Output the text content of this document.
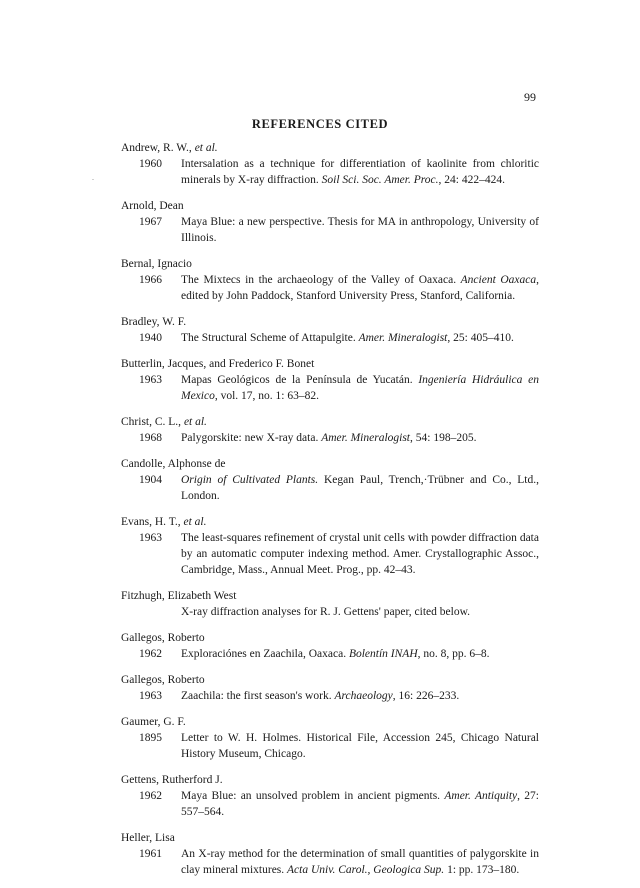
.
99
REFERENCES CITED
Andrew, R. W., et al.
1960	Intersalation as a technique for differentiation of kaolinite from chloritic minerals by X-ray diffraction. Soil Sci. Soc. Amer. Proc., 24: 422–424.
Arnold, Dean
1967	Maya Blue: a new perspective. Thesis for MA in anthropology, University of Illinois.
Bernal, Ignacio
1966	The Mixtecs in the archaeology of the Valley of Oaxaca. Ancient Oaxaca, edited by John Paddock, Stanford University Press, Stanford, California.
Bradley, W. F.
1940	The Structural Scheme of Attapulgite. Amer. Mineralogist, 25: 405–410.
Butterlin, Jacques, and Frederico F. Bonet
1963	Mapas Geológicos de la Península de Yucatán. Ingeniería Hidráulica en Mexico, vol. 17, no. 1: 63–82.
Christ, C. L., et al.
1968	Palygorskite: new X-ray data. Amer. Mineralogist, 54: 198–205.
Candolle, Alphonse de
1904	Origin of Cultivated Plants. Kegan Paul, Trench,·Trübner and Co., Ltd., London.
Evans, H. T., et al.
1963	The least-squares refinement of crystal unit cells with powder diffraction data by an automatic computer indexing method. Amer. Crystallographic Assoc., Cambridge, Mass., Annual Meet. Prog., pp. 42–43.
Fitzhugh, Elizabeth West
X-ray diffraction analyses for R. J. Gettens' paper, cited below.
Gallegos, Roberto
1962	Exploraciónes en Zaachila, Oaxaca. Bolentín INAH, no. 8, pp. 6–8.
Gallegos, Roberto
1963	Zaachila: the first season's work. Archaeology, 16: 226–233.
Gaumer, G. F.
1895	Letter to W. H. Holmes. Historical File, Accession 245, Chicago Natural History Museum, Chicago.
Gettens, Rutherford J.
1962	Maya Blue: an unsolved problem in ancient pigments. Amer. Antiquity, 27: 557–564.
Heller, Lisa
1961	An X-ray method for the determination of small quantities of palygorskite in clay mineral mixtures. Acta Univ. Carol., Geologica Sup. 1: pp. 173–180.
